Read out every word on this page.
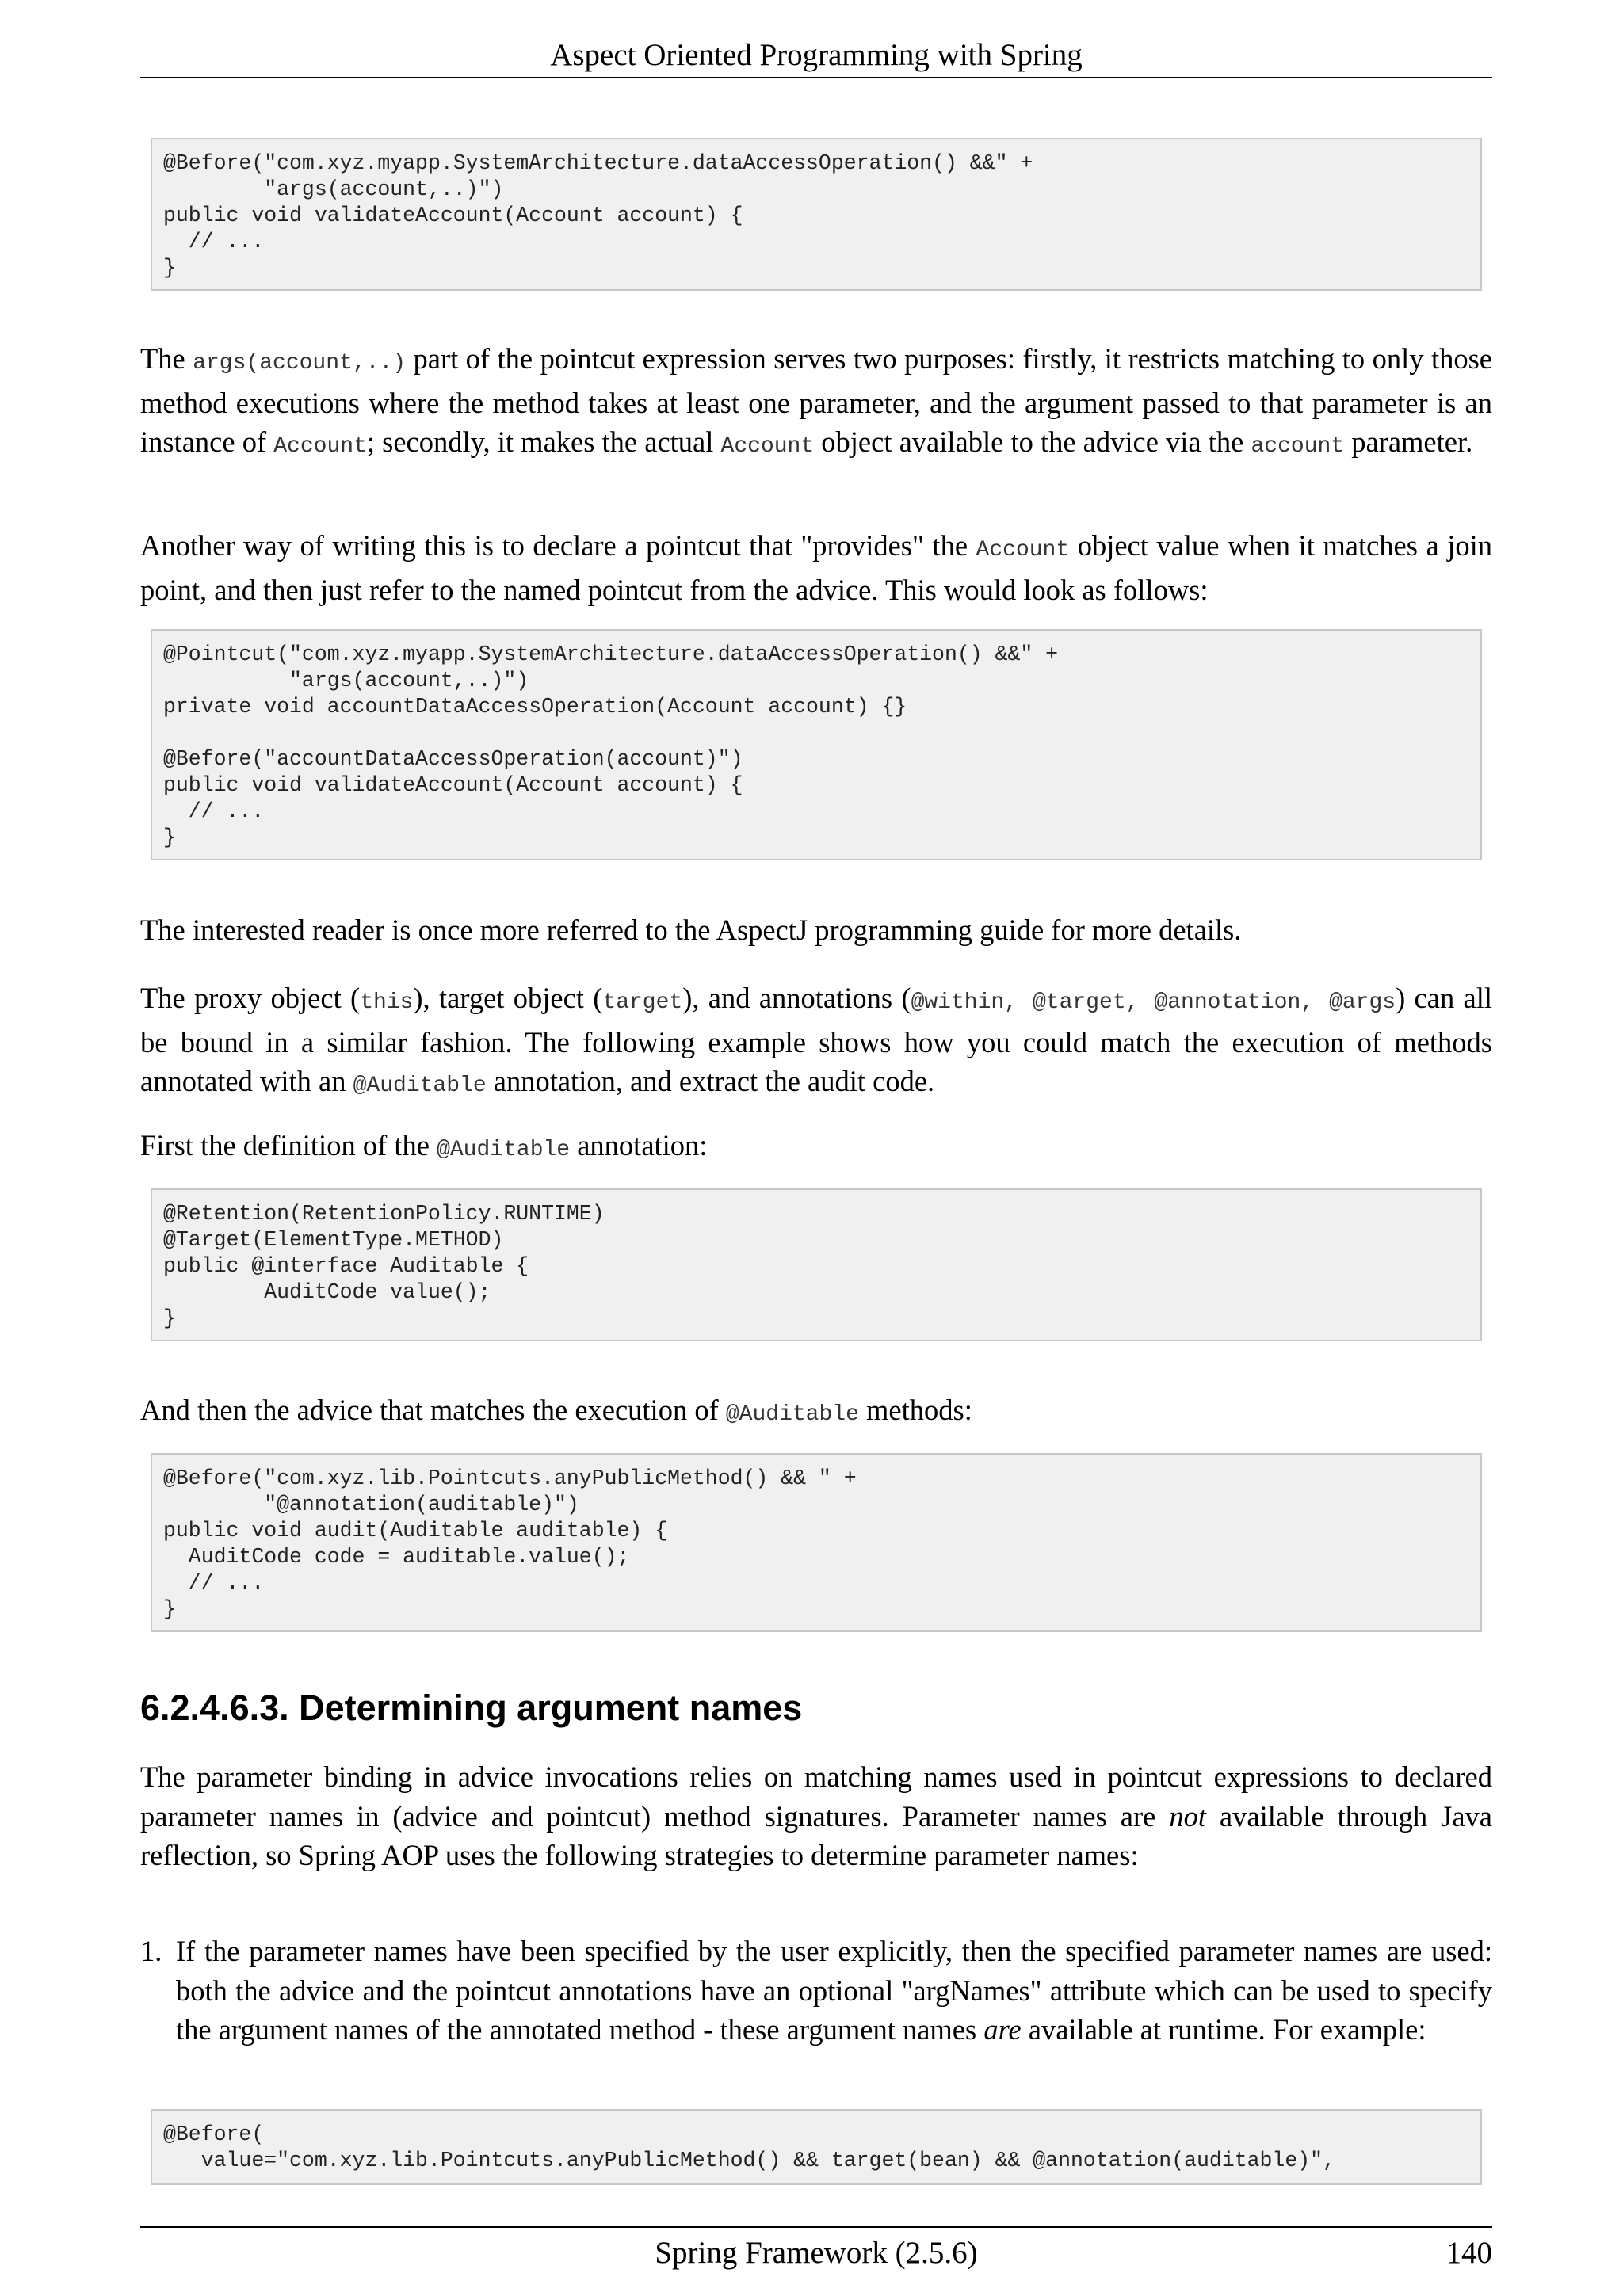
Aspect Oriented Programming with Spring
@Before("com.xyz.myapp.SystemArchitecture.dataAccessOperation() &&" +
"args(account,..)")
public void validateAccount(Account account) {
// ...
}
The args(account,..) part of the pointcut expression serves two purposes: firstly, it restricts matching to only those method executions where the method takes at least one parameter, and the argument passed to that parameter is an instance of Account; secondly, it makes the actual Account object available to the advice via the account parameter.
Another way of writing this is to declare a pointcut that "provides" the Account object value when it matches a join point, and then just refer to the named pointcut from the advice. This would look as follows:
@Pointcut("com.xyz.myapp.SystemArchitecture.dataAccessOperation() &&" +
"args(account,..)")
private void accountDataAccessOperation(Account account) {}

@Before("accountDataAccessOperation(account)")
public void validateAccount(Account account) {
// ...
}
The interested reader is once more referred to the AspectJ programming guide for more details.
The proxy object (this), target object (target), and annotations (@within, @target, @annotation, @args) can all be bound in a similar fashion. The following example shows how you could match the execution of methods annotated with an @Auditable annotation, and extract the audit code.
First the definition of the @Auditable annotation:
@Retention(RetentionPolicy.RUNTIME)
@Target(ElementType.METHOD)
public @interface Auditable {
AuditCode value();
}
And then the advice that matches the execution of @Auditable methods:
@Before("com.xyz.lib.Pointcuts.anyPublicMethod() && " +
"@annotation(auditable)")
public void audit(Auditable auditable) {
AuditCode code = auditable.value();
// ...
}
6.2.4.6.3. Determining argument names
The parameter binding in advice invocations relies on matching names used in pointcut expressions to declared parameter names in (advice and pointcut) method signatures. Parameter names are not available through Java reflection, so Spring AOP uses the following strategies to determine parameter names:
1. If the parameter names have been specified by the user explicitly, then the specified parameter names are used: both the advice and the pointcut annotations have an optional "argNames" attribute which can be used to specify the argument names of the annotated method - these argument names are available at runtime. For example:
@Before(
value="com.xyz.lib.Pointcuts.anyPublicMethod() && target(bean) && @annotation(auditable)",
Spring Framework (2.5.6)	140
